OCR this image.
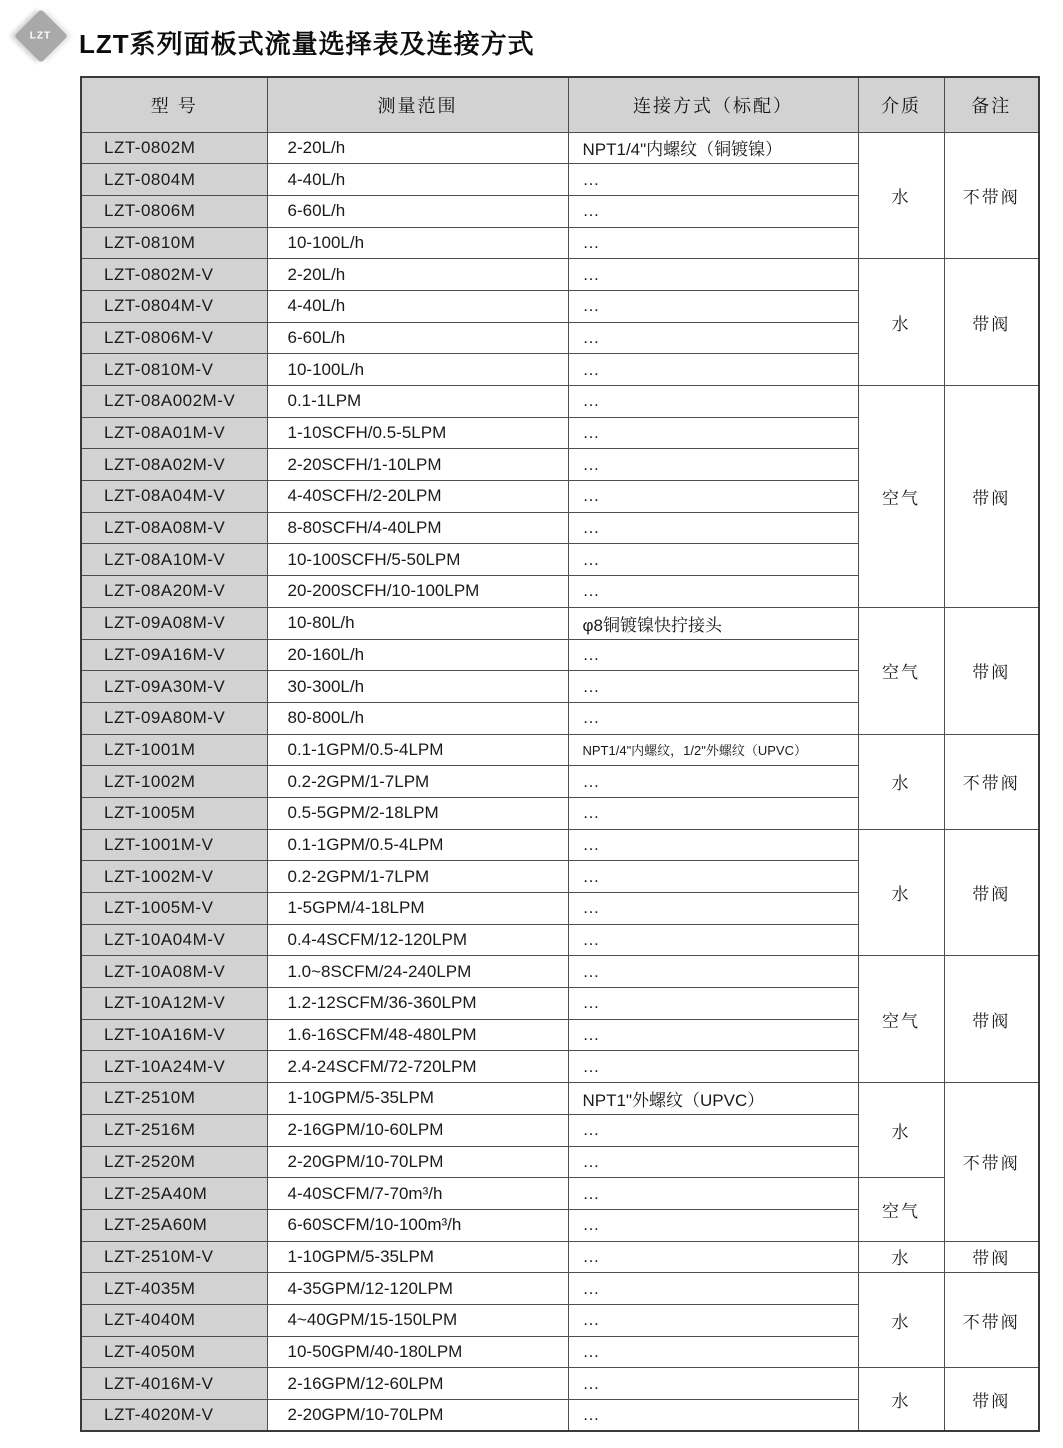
LZT LZT系列面板式流量选择表及连接方式
型 号	测量范围	连接方式（标配）	介质	备注
LZT-0802M	2-20L/h	NPT1/4"内螺纹（铜镀镍）	水	不带阀
LZT-0804M	4-40L/h	…		
LZT-0806M	6-60L/h	…		
LZT-0810M	10-100L/h	…		
LZT-0802M-V	2-20L/h	…	水	带阀
LZT-0804M-V	4-40L/h	…		
LZT-0806M-V	6-60L/h	…		
LZT-0810M-V	10-100L/h	…		
LZT-08A002M-V	0.1-1LPM	…	空气	带阀
LZT-08A01M-V	1-10SCFH/0.5-5LPM	…		
LZT-08A02M-V	2-20SCFH/1-10LPM	…		
LZT-08A04M-V	4-40SCFH/2-20LPM	…		
LZT-08A08M-V	8-80SCFH/4-40LPM	…		
LZT-08A10M-V	10-100SCFH/5-50LPM	…		
LZT-08A20M-V	20-200SCFH/10-100LPM	…		
LZT-09A08M-V	10-80L/h	φ8铜镀镍快拧接头	空气	带阀
LZT-09A16M-V	20-160L/h	…		
LZT-09A30M-V	30-300L/h	…		
LZT-09A80M-V	80-800L/h	…		
LZT-1001M	0.1-1GPM/0.5-4LPM	NPT1/4"内螺纹，1/2"外螺纹（UPVC）	水	不带阀
LZT-1002M	0.2-2GPM/1-7LPM	…		
LZT-1005M	0.5-5GPM/2-18LPM	…		
LZT-1001M-V	0.1-1GPM/0.5-4LPM	…	水	带阀
LZT-1002M-V	0.2-2GPM/1-7LPM	…		
LZT-1005M-V	1-5GPM/4-18LPM	…		
LZT-10A04M-V	0.4-4SCFM/12-120LPM	…		
LZT-10A08M-V	1.0~8SCFM/24-240LPM	…	空气	带阀
LZT-10A12M-V	1.2-12SCFM/36-360LPM	…		
LZT-10A16M-V	1.6-16SCFM/48-480LPM	…		
LZT-10A24M-V	2.4-24SCFM/72-720LPM	…		
LZT-2510M	1-10GPM/5-35LPM	NPT1"外螺纹（UPVC）	水	不带阀
LZT-2516M	2-16GPM/10-60LPM	…		
LZT-2520M	2-20GPM/10-70LPM	…		
LZT-25A40M	4-40SCFM/7-70m³/h	…	空气	
LZT-25A60M	6-60SCFM/10-100m³/h	…		
LZT-2510M-V	1-10GPM/5-35LPM	…	水	带阀
LZT-4035M	4-35GPM/12-120LPM	…	水	不带阀
LZT-4040M	4~40GPM/15-150LPM	…		
LZT-4050M	10-50GPM/40-180LPM	…		
LZT-4016M-V	2-16GPM/12-60LPM	…	水	带阀
LZT-4020M-V	2-20GPM/10-70LPM	…		
